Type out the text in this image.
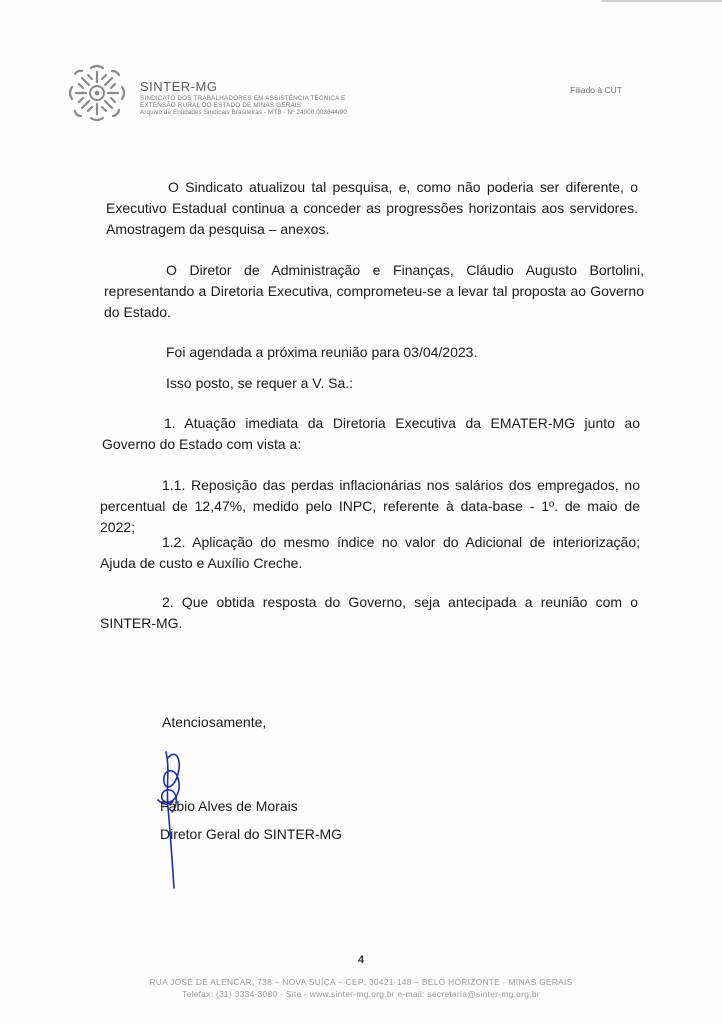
SINTER-MG
SINDICATO DOS TRABALHADORES EM ASSISTÊNCIA TÉCNICA E
EXTENSÃO RURAL DO ESTADO DE MINAS GERAIS
Arquivo de Entidades Sindicais Brasileiras - MTB - Nº 24000.003644/90
Filiado à CUT
O Sindicato atualizou tal pesquisa, e, como não poderia ser diferente, o Executivo Estadual continua a conceder as progressões horizontais aos servidores. Amostragem da pesquisa – anexos.
O Diretor de Administração e Finanças, Cláudio Augusto Bortolini, representando a Diretoria Executiva, comprometeu-se a levar tal proposta ao Governo do Estado.
Foi agendada a próxima reunião para 03/04/2023.
Isso posto, se requer a V. Sa.:
1. Atuação imediata da Diretoria Executiva da EMATER-MG junto ao Governo do Estado com vista a:
1.1. Reposição das perdas inflacionárias nos salários dos empregados, no percentual de 12,47%, medido pelo INPC, referente à data-base - 1º. de maio de 2022;
1.2. Aplicação do mesmo índice no valor do Adicional de interiorização; Ajuda de custo e Auxílio Creche.
2. Que obtida resposta do Governo, seja antecipada a reunião com o SINTER-MG.
Atenciosamente,
Fábio Alves de Morais
Diretor Geral do SINTER-MG
4
RUA JOSÉ DE ALENCAR, 738 – NOVA SUÍÇA – CEP: 30421-148 – BELO HORIZONTE - MINAS GERAIS
Telefax: (31) 3334-3080 - Site - www.sinter-mg.org.br e-mail: secretaria@sinter-mg.org.br
